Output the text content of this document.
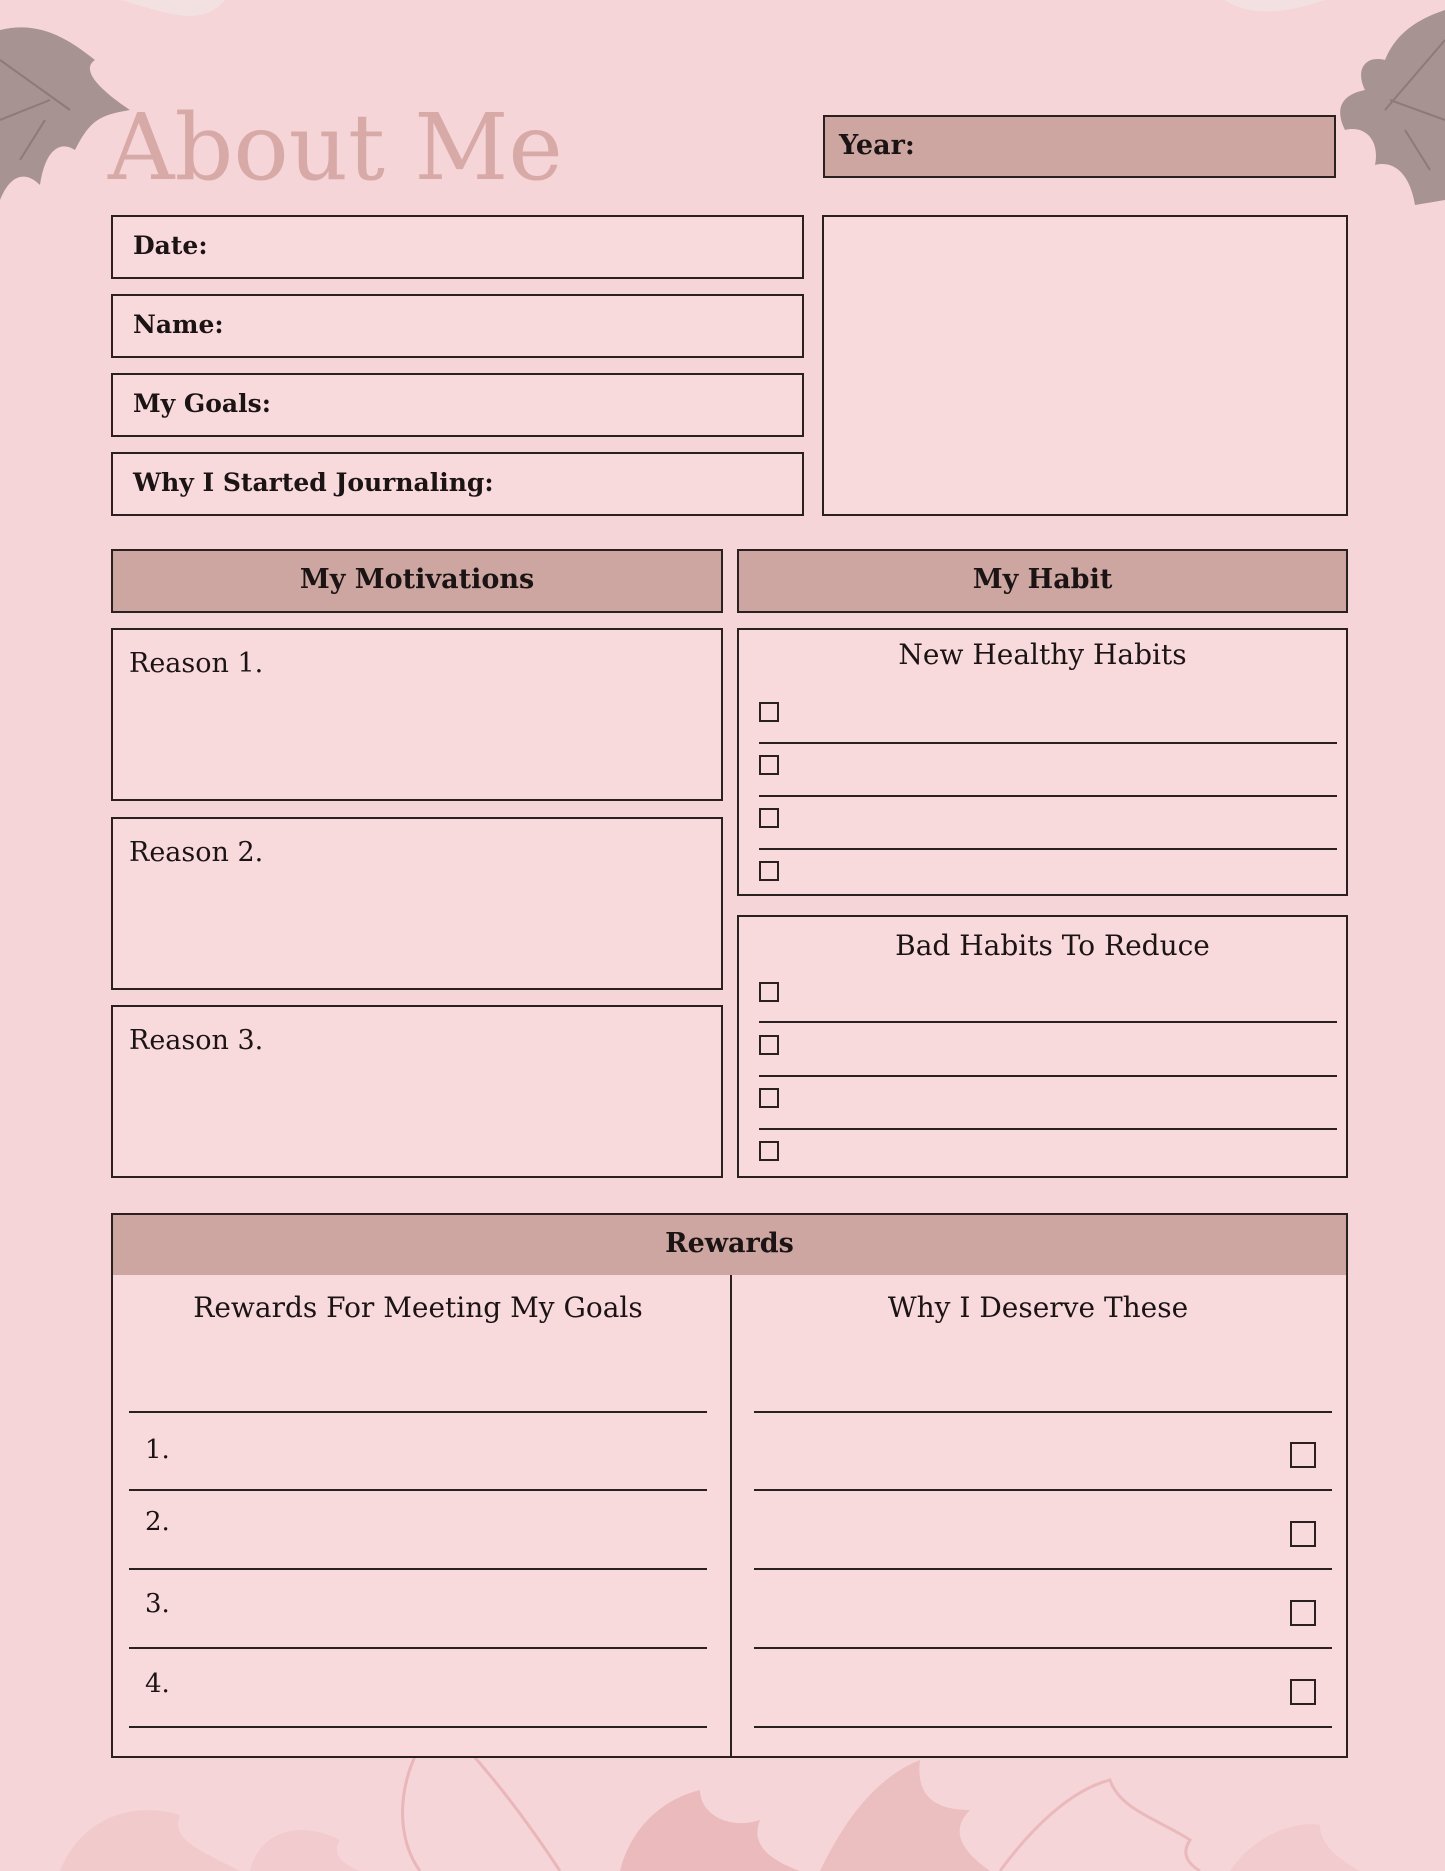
About Me	Year:
Date:
Name:
My Goals:
Why I Started Journaling:
My Motivations
Reason 1.
Reason 2.
Reason 3.
My Habit
New Healthy Habits
Bad Habits To Reduce
Rewards
Rewards For Meeting My Goals	Why I Deserve These
1.
2.
3.
4.
